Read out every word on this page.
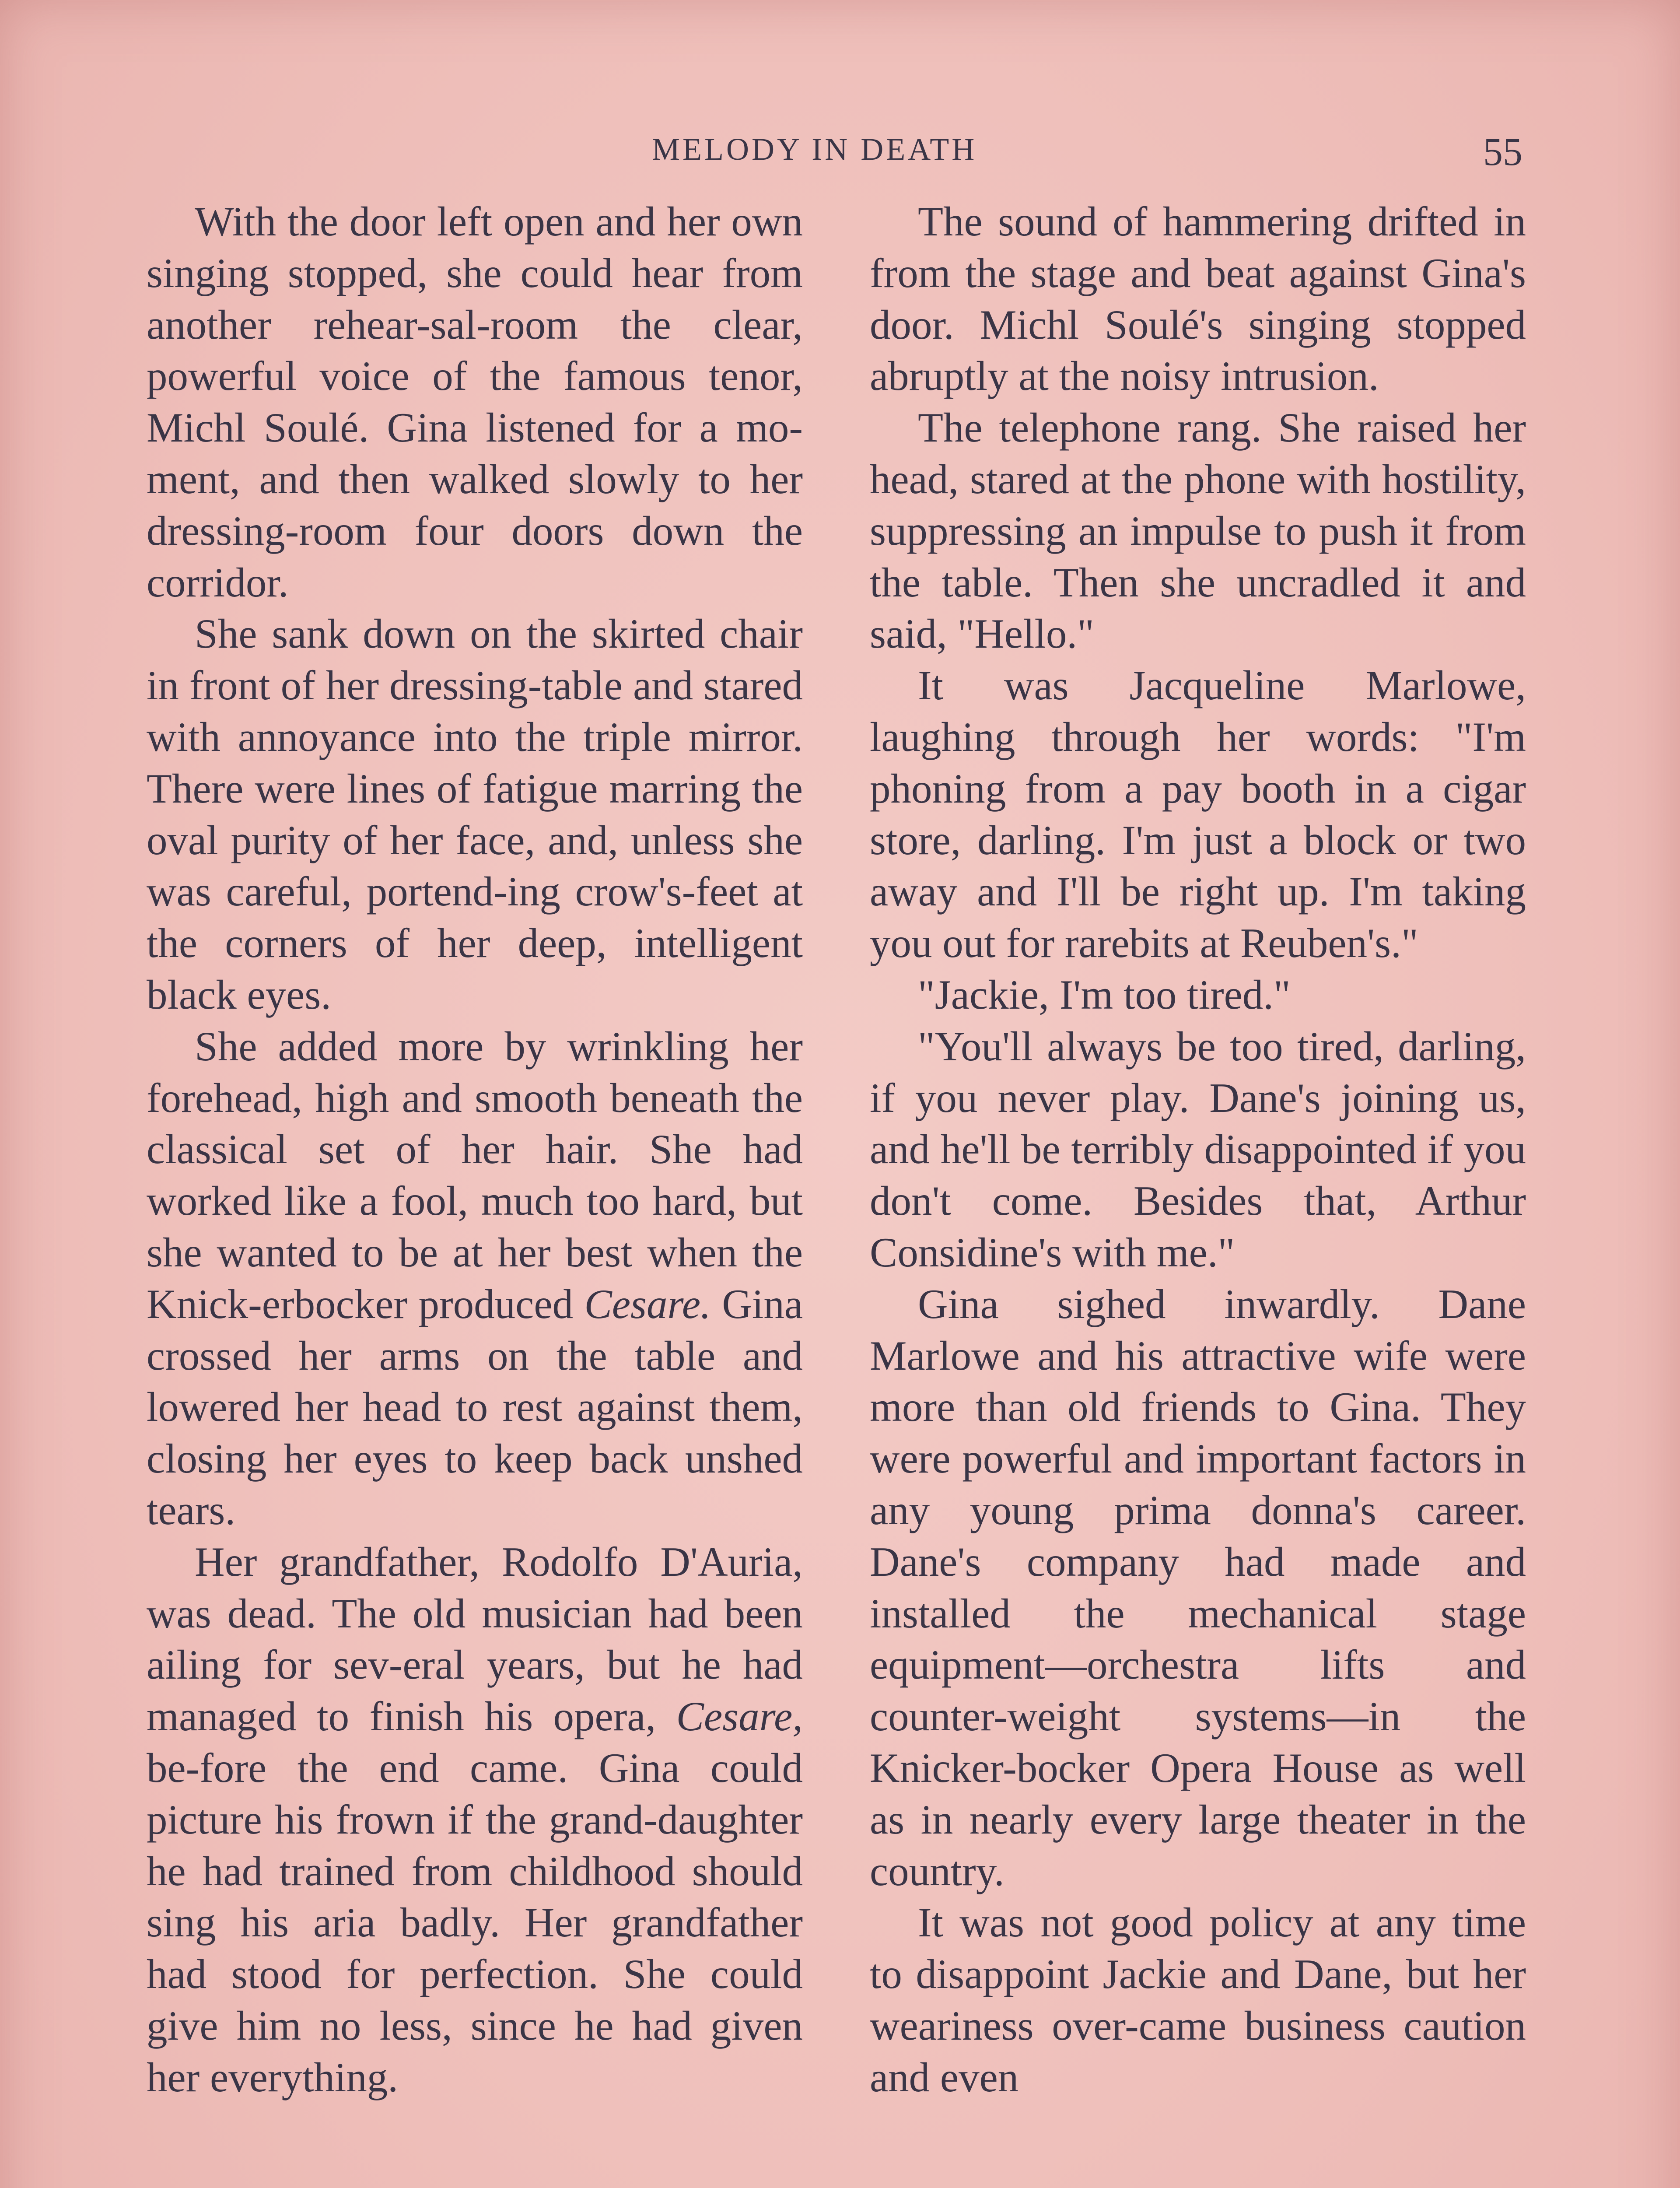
MELODY IN DEATH	55

With the door left open and her own singing stopped, she could hear from another rehear-sal-room the clear, powerful voice of the famous tenor, Michl Soulé. Gina listened for a mo-ment, and then walked slowly to her dressing-room four doors down the corridor.

She sank down on the skirted chair in front of her dressing-table and stared with annoyance into the triple mirror. There were lines of fatigue marring the oval purity of her face, and, unless she was careful, portend-ing crow's-feet at the corners of her deep, intelligent black eyes.

She added more by wrinkling her forehead, high and smooth beneath the classical set of her hair. She had worked like a fool, much too hard, but she wanted to be at her best when the Knick-erbocker produced Cesare. Gina crossed her arms on the table and lowered her head to rest against them, closing her eyes to keep back unshed tears.

Her grandfather, Rodolfo D'Auria, was dead. The old musician had been ailing for sev-eral years, but he had managed to finish his opera, Cesare, be-fore the end came. Gina could picture his frown if the grand-daughter he had trained from childhood should sing his aria badly. Her grandfather had stood for perfection. She could give him no less, since he had given her everything.

The sound of hammering drifted in from the stage and beat against Gina's door. Michl Soulé's singing stopped abruptly at the noisy intrusion.

The telephone rang. She raised her head, stared at the phone with hostility, suppressing an impulse to push it from the table. Then she uncradled it and said, "Hello."

It was Jacqueline Marlowe, laughing through her words: "I'm phoning from a pay booth in a cigar store, darling. I'm just a block or two away and I'll be right up. I'm taking you out for rarebits at Reuben's."

"Jackie, I'm too tired."

"You'll always be too tired, darling, if you never play. Dane's joining us, and he'll be terribly disappointed if you don't come. Besides that, Arthur Considine's with me."

Gina sighed inwardly. Dane Marlowe and his attractive wife were more than old friends to Gina. They were powerful and important factors in any young prima donna's career. Dane's company had made and installed the mechanical stage equipment—orchestra lifts and counter-weight systems—in the Knicker-bocker Opera House as well as in nearly every large theater in the country.

It was not good policy at any time to disappoint Jackie and Dane, but her weariness over-came business caution and even
